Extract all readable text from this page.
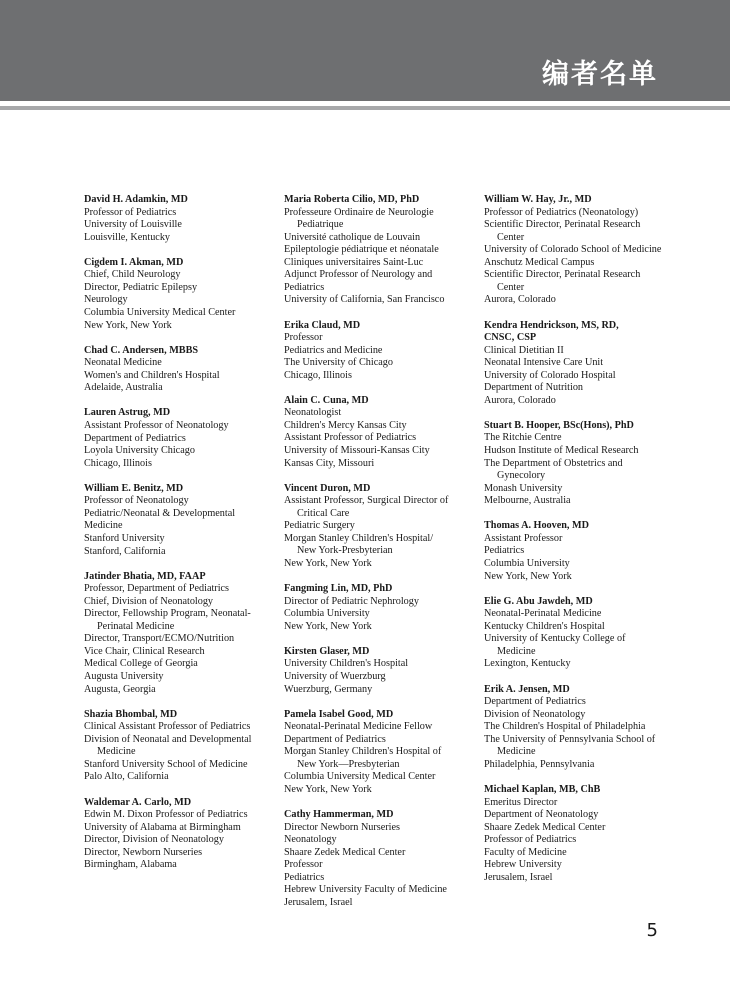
编者名单
David H. Adamkin, MD
Professor of Pediatrics
University of Louisville
Louisville, Kentucky
Cigdem I. Akman, MD
Chief, Child Neurology
Director, Pediatric Epilepsy
Neurology
Columbia University Medical Center
New York, New York
Chad C. Andersen, MBBS
Neonatal Medicine
Women's and Children's Hospital
Adelaide, Australia
Lauren Astrug, MD
Assistant Professor of Neonatology
Department of Pediatrics
Loyola University Chicago
Chicago, Illinois
William E. Benitz, MD
Professor of Neonatology
Pediatric/Neonatal & Developmental Medicine
Stanford University
Stanford, California
Jatinder Bhatia, MD, FAAP
Professor, Department of Pediatrics
Chief, Division of Neonatology
Director, Fellowship Program, Neonatal-
Perinatal Medicine
Director, Transport/ECMO/Nutrition
Vice Chair, Clinical Research
Medical College of Georgia
Augusta University
Augusta, Georgia
Shazia Bhombal, MD
Clinical Assistant Professor of Pediatrics
Division of Neonatal and Developmental
Medicine
Stanford University School of Medicine
Palo Alto, California
Waldemar A. Carlo, MD
Edwin M. Dixon Professor of Pediatrics
University of Alabama at Birmingham
Director, Division of Neonatology
Director, Newborn Nurseries
Birmingham, Alabama
Maria Roberta Cilio, MD, PhD
Professeure Ordinaire de Neurologie
Pediatrique
Université catholique de Louvain
Epileptologie pédiatrique et néonatale
Cliniques universitaires Saint-Luc
Adjunct Professor of Neurology and Pediatrics
University of California, San Francisco
Erika Claud, MD
Professor
Pediatrics and Medicine
The University of Chicago
Chicago, Illinois
Alain C. Cuna, MD
Neonatologist
Children's Mercy Kansas City
Assistant Professor of Pediatrics
University of Missouri-Kansas City
Kansas City, Missouri
Vincent Duron, MD
Assistant Professor, Surgical Director of
Critical Care
Pediatric Surgery
Morgan Stanley Children's Hospital/
New York-Presbyterian
New York, New York
Fangming Lin, MD, PhD
Director of Pediatric Nephrology
Columbia University
New York, New York
Kirsten Glaser, MD
University Children's Hospital
University of Wuerzburg
Wuerzburg, Germany
Pamela Isabel Good, MD
Neonatal-Perinatal Medicine Fellow
Department of Pediatrics
Morgan Stanley Children's Hospital of
New York—Presbyterian
Columbia University Medical Center
New York, New York
Cathy Hammerman, MD
Director Newborn Nurseries
Neonatology
Shaare Zedek Medical Center
Professor
Pediatrics
Hebrew University Faculty of Medicine
Jerusalem, Israel
William W. Hay, Jr., MD
Professor of Pediatrics (Neonatology)
Scientific Director, Perinatal Research
Center
University of Colorado School of Medicine
Anschutz Medical Campus
Scientific Director, Perinatal Research
Center
Aurora, Colorado
Kendra Hendrickson, MS, RD,
CNSC, CSP
Clinical Dietitian II
Neonatal Intensive Care Unit
University of Colorado Hospital
Department of Nutrition
Aurora, Colorado
Stuart B. Hooper, BSc(Hons), PhD
The Ritchie Centre
Hudson Institute of Medical Research
The Department of Obstetrics and
Gynecolory
Monash University
Melbourne, Australia
Thomas A. Hooven, MD
Assistant Professor
Pediatrics
Columbia University
New York, New York
Elie G. Abu Jawdeh, MD
Neonatal-Perinatal Medicine
Kentucky Children's Hospital
University of Kentucky College of
Medicine
Lexington, Kentucky
Erik A. Jensen, MD
Department of Pediatrics
Division of Neonatology
The Children's Hospital of Philadelphia
The University of Pennsylvania School of
Medicine
Philadelphia, Pennsylvania
Michael Kaplan, MB, ChB
Emeritus Director
Department of Neonatology
Shaare Zedek Medical Center
Professor of Pediatrics
Faculty of Medicine
Hebrew University
Jerusalem, Israel
5
